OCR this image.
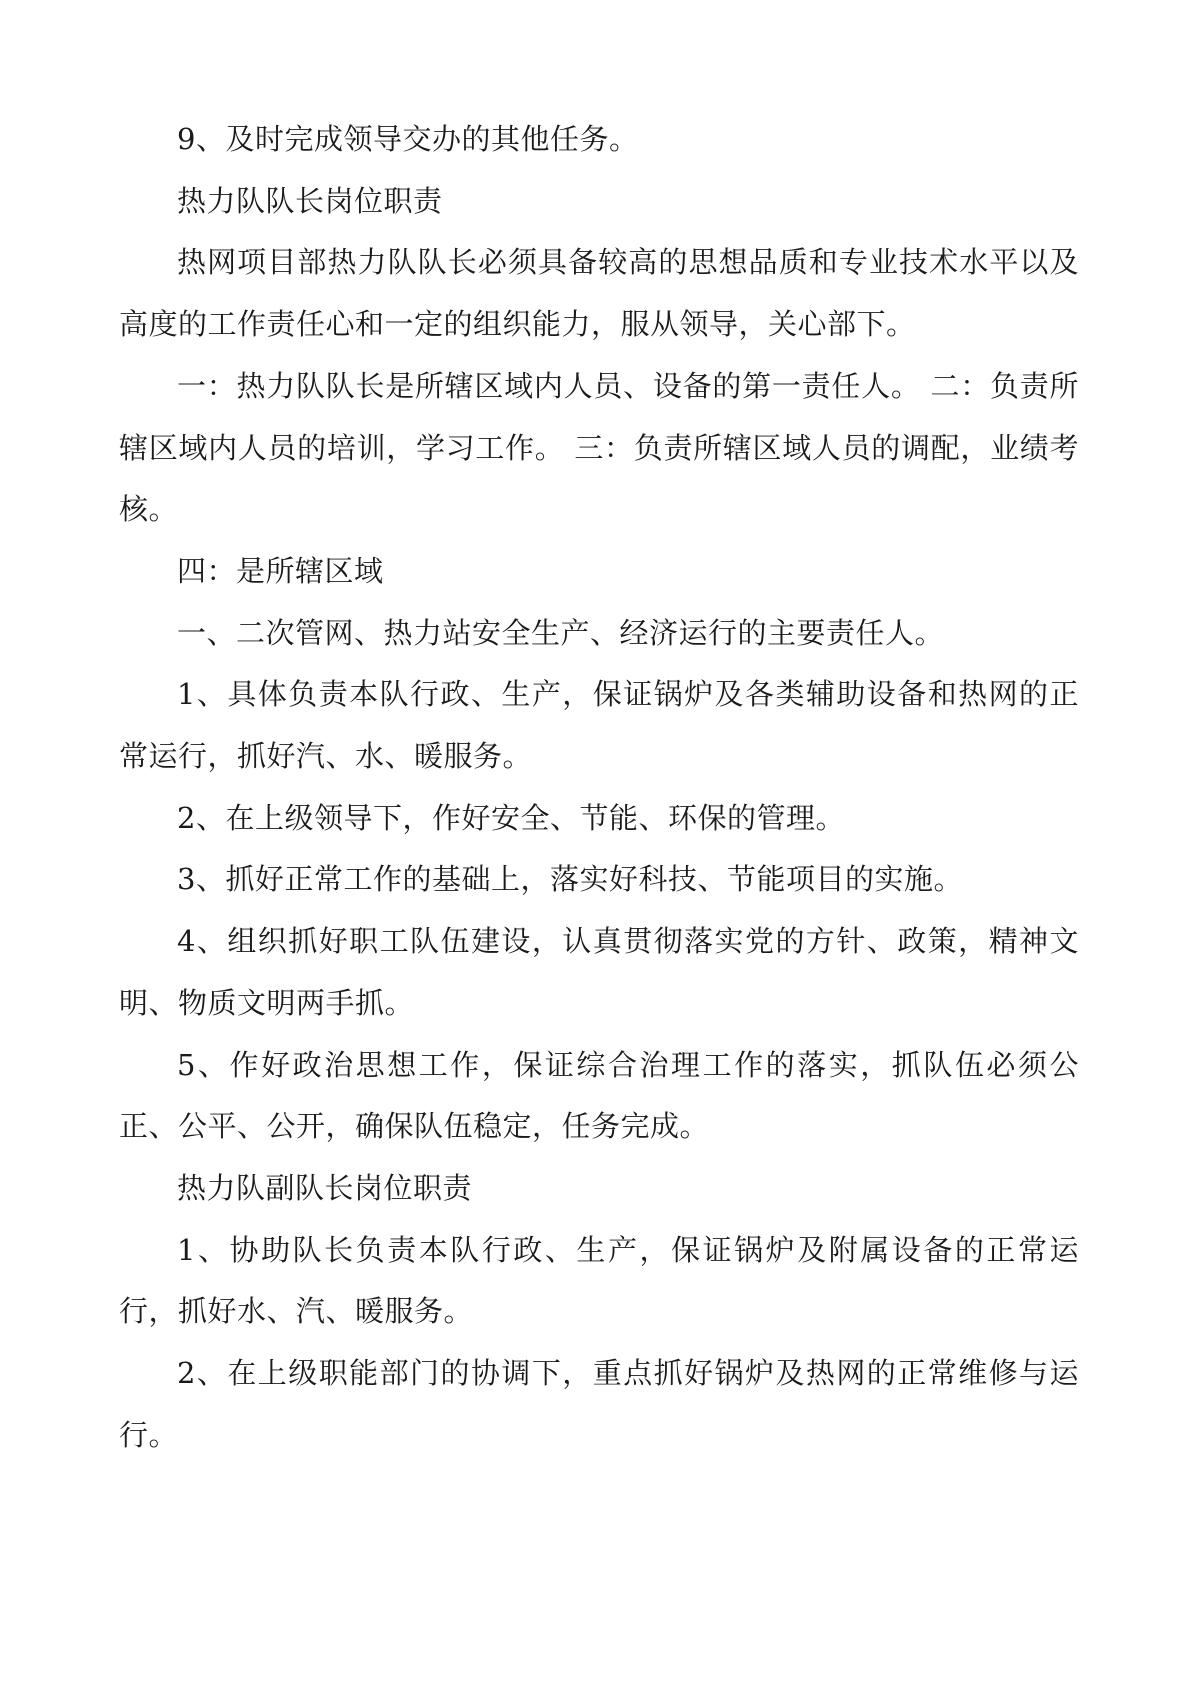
9、及时完成领导交办的其他任务。

热力队队长岗位职责

热网项目部热力队队长必须具备较高的思想品质和专业技术水平以及高度的工作责任心和一定的组织能力，服从领导，关心部下。

一：热力队队长是所辖区域内人员、设备的第一责任人。 二：负责所辖区域内人员的培训，学习工作。 三：负责所辖区域人员的调配，业绩考核。

四：是所辖区域

一、二次管网、热力站安全生产、经济运行的主要责任人。

1、具体负责本队行政、生产，保证锅炉及各类辅助设备和热网的正常运行，抓好汽、水、暖服务。

2、在上级领导下，作好安全、节能、环保的管理。

3、抓好正常工作的基础上，落实好科技、节能项目的实施。

4、组织抓好职工队伍建设，认真贯彻落实党的方针、政策，精神文明、物质文明两手抓。

5、作好政治思想工作，保证综合治理工作的落实，抓队伍必须公正、公平、公开，确保队伍稳定，任务完成。

热力队副队长岗位职责

1、协助队长负责本队行政、生产，保证锅炉及附属设备的正常运行，抓好水、汽、暖服务。

2、在上级职能部门的协调下，重点抓好锅炉及热网的正常维修与运行。
